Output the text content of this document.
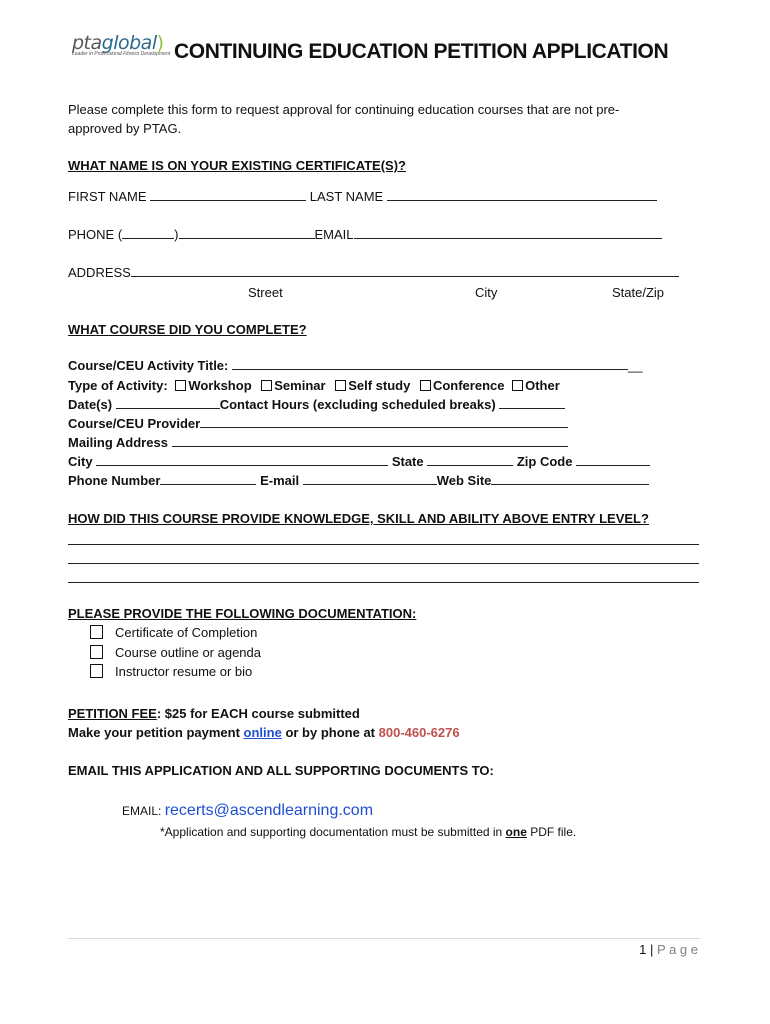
ptaglobal)
Leader in Professional Fitness Development CONTINUING EDUCATION PETITION APPLICATION
Please complete this form to request approval for continuing education courses that are not pre-
approved by PTAG.
WHAT NAME IS ON YOUR EXISTING CERTIFICATE(S)?
FIRST NAME	LAST NAME
PHONE (	)	EMAIL
ADDRESS
Street	City	State/Zip
WHAT COURSE DID YOU COMPLETE?
Course/CEU Activity Title:	__
Type of Activity: Workshop Seminar Self study Conference Other
Date(s)	Contact Hours (excluding scheduled breaks)
Course/CEU Provider
Mailing Address
City	State	Zip Code
Phone Number	E-mail	Web Site
HOW DID THIS COURSE PROVIDE KNOWLEDGE, SKILL AND ABILITY ABOVE ENTRY LEVEL?
PLEASE PROVIDE THE FOLLOWING DOCUMENTATION:
Certificate of Completion
Course outline or agenda
Instructor resume or bio
PETITION FEE: $25 for EACH course submitted
Make your petition payment online or by phone at 800-460-6276
EMAIL THIS APPLICATION AND ALL SUPPORTING DOCUMENTS TO:
EMAIL: recerts@ascendlearning.com
*Application and supporting documentation must be submitted in one PDF file.
1 | P a g e
